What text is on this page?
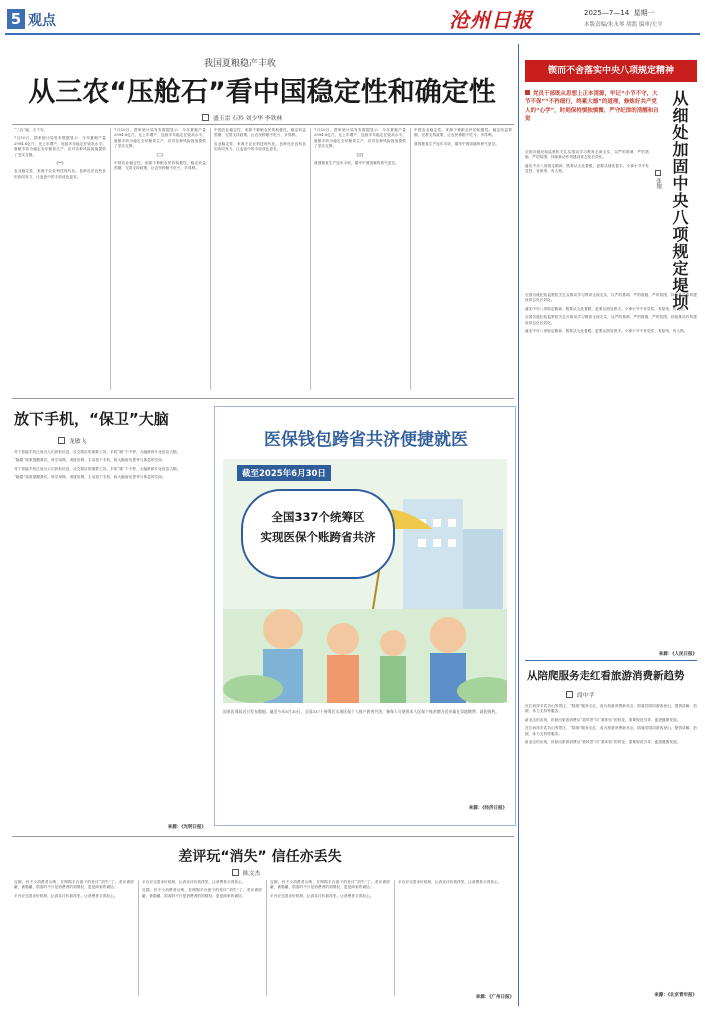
5 观点	沧州日报	2025—7—14 星期一
本版责编/朱永琴 胡凯 编审/左平
我国夏粮稳产丰收
从三农“压舱石”看中国稳定性和确定性
盛玉雷 石羚 刘少华 李铁林

“三农”稳，天下安。

7月10日，国家统计局发布数据显示：今年夏粮产量2994.8亿斤，比上年增产，连续多年稳定在较高水平。夏粮丰收为稳定全年粮食生产、应对各种风险挑战提供了坚实支撑。

（一）

农业稳定性，来源于农业科技现代化。良种良法良机良田协同发力，让麦浪中的丰收成色更足。

7月10日，国家统计局发布数据显示：今年夏粮产量2994.8亿斤，比上年增产，连续多年稳定在较高水平。夏粮丰收为稳定全年粮食生产、应对各种风险挑战提供了坚实支撑。

（二）

中国农业稳定性，来源于种粮农民的积极性。稳定收益预期、完善支持政策，让农民种粮不吃亏、多得利。

中国农业稳定性，来源于种粮农民的积极性。稳定收益预期、完善支持政策，让农民种粮不吃亏、多得利。

农业稳定性，来源于农业科技现代化。良种良法良机良田协同发力，让麦浪中的丰收成色更足。

7月10日，国家统计局发布数据显示：今年夏粮产量2994.8亿斤，比上年增产，连续多年稳定在较高水平。夏粮丰收为稳定全年粮食生产、应对各种风险挑战提供了坚实支撑。

（三）

我国粮食生产连年丰收，端牢中国饭碗的底气更足。

中国农业稳定性，来源于种粮农民的积极性。稳定收益预期、完善支持政策，让农民种粮不吃亏、多得利。

我国粮食生产连年丰收，端牢中国饭碗的底气更足。

锲而不舍落实中央八项规定精神
党员干部既从思想上正本清源，牢记“小节不守，大节不保”“不矜细行，终累大德”的道理，修炼好共产党人的“心学”，时刻保持慎独慎微、严守纪律的清醒和自觉	从细处加固中央八项规定堤坝
张翔

全国各级纪检监察机关扎实推动学习教育走深走实，以严的基调、严的措施、严的氛围，持续推动作风建设常态化长效化。

落实中央八项规定精神，既要从大处着眼，更要从细处着手。小事小节中有党性、有原则、有人格。

全国各级纪检监察机关扎实推动学习教育走深走实，以严的基调、严的措施、严的氛围，持续推动作风建设常态化长效化。

落实中央八项规定精神，既要从大处着眼，更要从细处着手。小事小节中有党性、有原则、有人格。

全国各级纪检监察机关扎实推动学习教育走深走实，以严的基调、严的措施、严的氛围，持续推动作风建设常态化长效化。

落实中央八项规定精神，既要从大处着眼，更要从细处着手。小事小节中有党性、有原则、有人格。

来源：《人民日报》
放下手机，“保卫”大脑
龙敏飞

对于智能手机已成为人们获取信息、社交娱乐的重要工具。手机“刷”个不停，大脑被碎片化信息占据。

“脑腐”现象提醒我们，科学用网、适度用网，主动放下手机，给大脑留出思考与休息的空间。

对于智能手机已成为人们获取信息、社交娱乐的重要工具。手机“刷”个不停，大脑被碎片化信息占据。

“脑腐”现象提醒我们，科学用网、适度用网，主动放下手机，给大脑留出思考与休息的空间。

来源：《光明日报》
医保钱包跨省共济便捷就医
截至2025年6月30日
全国337个统筹区
实现医保个账跨省共济
国家医保局近日发布数据，截至今年6月30日，全国337个统筹区实现医保个人账户跨省共济，参保人可使用本人医保个账余额为近亲属在异地缴费、就医购药。
来源：《经济日报》
从陪爬服务走红看旅游消费新趋势
段中孚

在江西萍乡武功山等景区，“陪爬”服务走红，成为旅游消费新亮点。陪爬员陪同游客登山，提供讲解、拍照、体力支持等服务。

新业态的出现，折射出旅游消费从“看风景”向“重体验”的转变，需要规范引导，促进健康发展。

在江西萍乡武功山等景区，“陪爬”服务走红，成为旅游消费新亮点。陪爬员陪同游客登山，提供讲解、拍照、体力支持等服务。

新业态的出现，折射出旅游消费从“看风景”向“重体验”的转变，需要规范引导，促进健康发展。

来源：《北京青年报》
差评玩“消失” 信任亦丢失
陈文杰

近期，有不少消费者反映，在网购平台留下的差评“消失”了。差评被屏蔽、被隐藏，损害的不只是消费者的知情权，更是商家的诚信。

平台应完善评价机制，让真实评价看得见，让消费者买得放心。

平台应完善评价机制，让真实评价看得见，让消费者买得放心。

近期，有不少消费者反映，在网购平台留下的差评“消失”了。差评被屏蔽、被隐藏，损害的不只是消费者的知情权，更是商家的诚信。

近期，有不少消费者反映，在网购平台留下的差评“消失”了。差评被屏蔽、被隐藏，损害的不只是消费者的知情权，更是商家的诚信。

平台应完善评价机制，让真实评价看得见，让消费者买得放心。

平台应完善评价机制，让真实评价看得见，让消费者买得放心。

来源：《广州日报》
